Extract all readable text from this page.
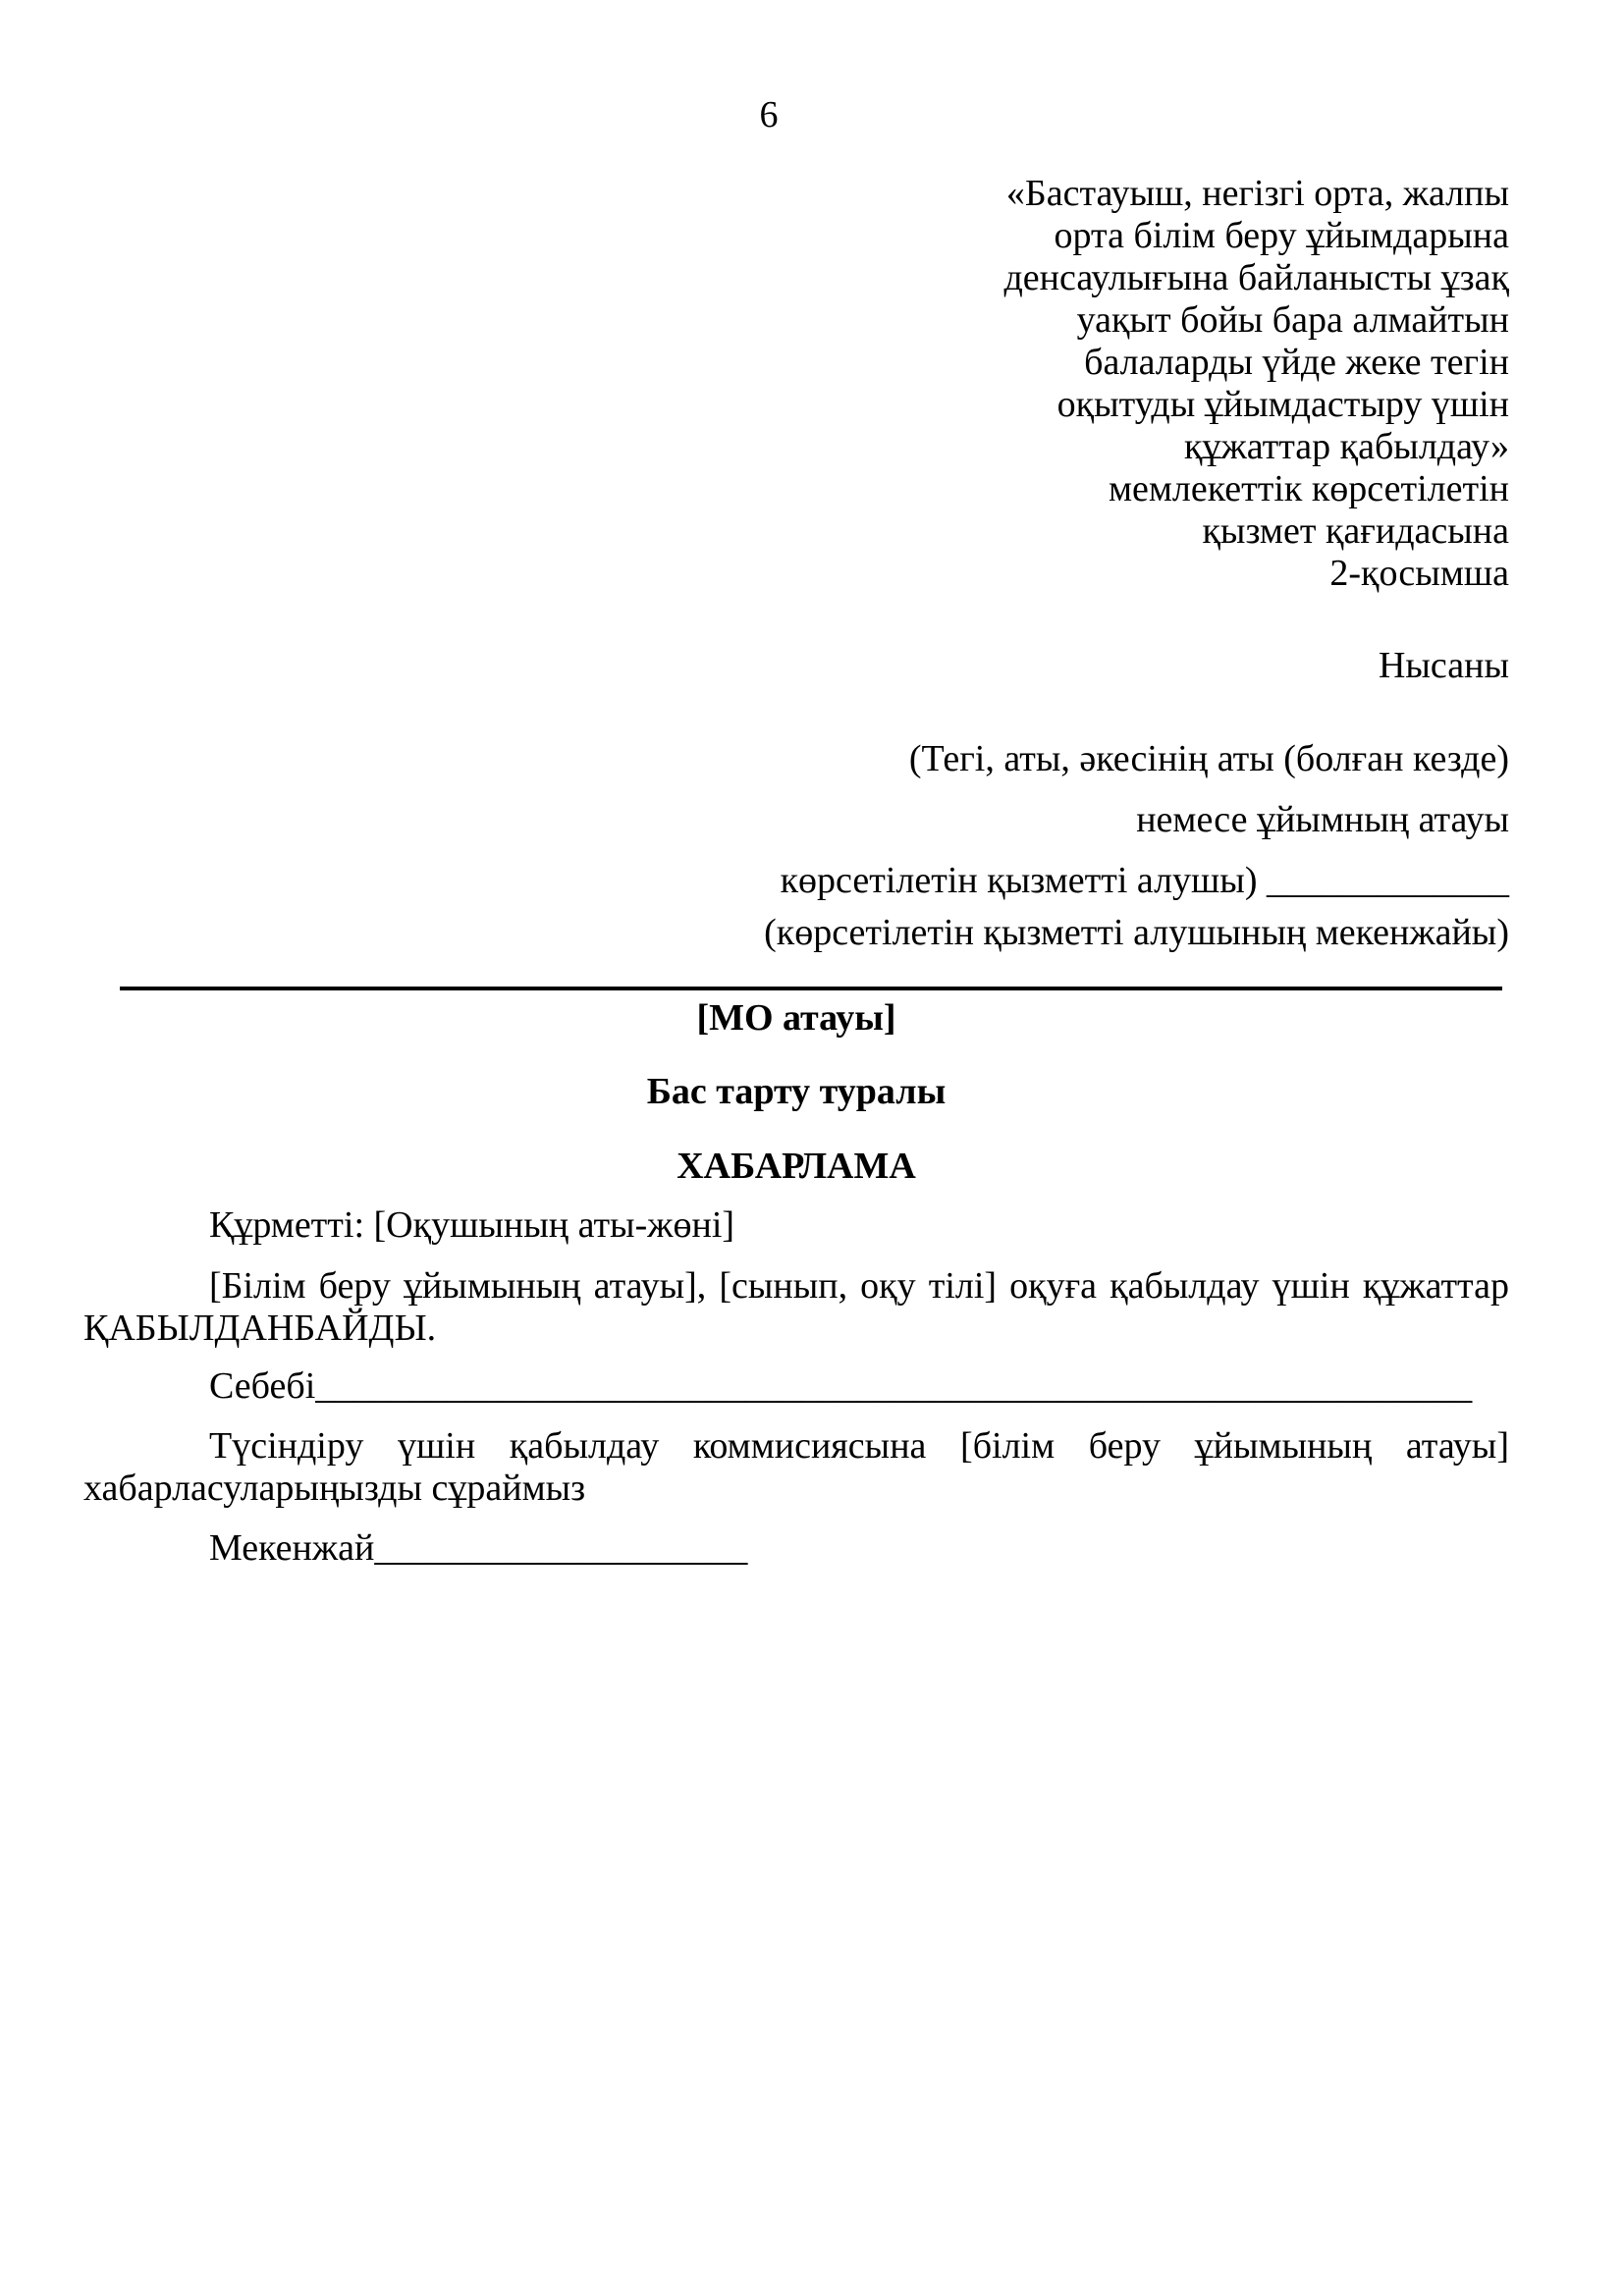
6
«Бастауыш, негізгі орта, жалпы
орта білім беру ұйымдарына
денсаулығына байланысты ұзақ
уақыт бойы бара алмайтын
балаларды үйде жеке тегін
оқытуды ұйымдастыру үшін
құжаттар қабылдау»
мемлекеттік көрсетілетін
қызмет қағидасына
2-қосымша
Нысаны
(Тегі, аты, әкесінің аты (болған кезде)
немесе ұйымның атауы
көрсетілетін қызметті алушы) _____________
(көрсетілетін қызметті алушының мекенжайы)
[МО атауы]
Бас тарту туралы
ХАБАРЛАМА

Құрметті: [Оқушының аты-жөні]

[Білім беру ұйымының атауы], [сынып, оқу тілі] оқуға қабылдау үшін құжаттар ҚАБЫЛДАНБАЙДЫ.

Себебі______________________________________________________________

Түсіндіру үшін қабылдау коммисиясына [білім беру ұйымының атауы] хабарласуларыңызды сұраймыз

Мекенжай____________________
